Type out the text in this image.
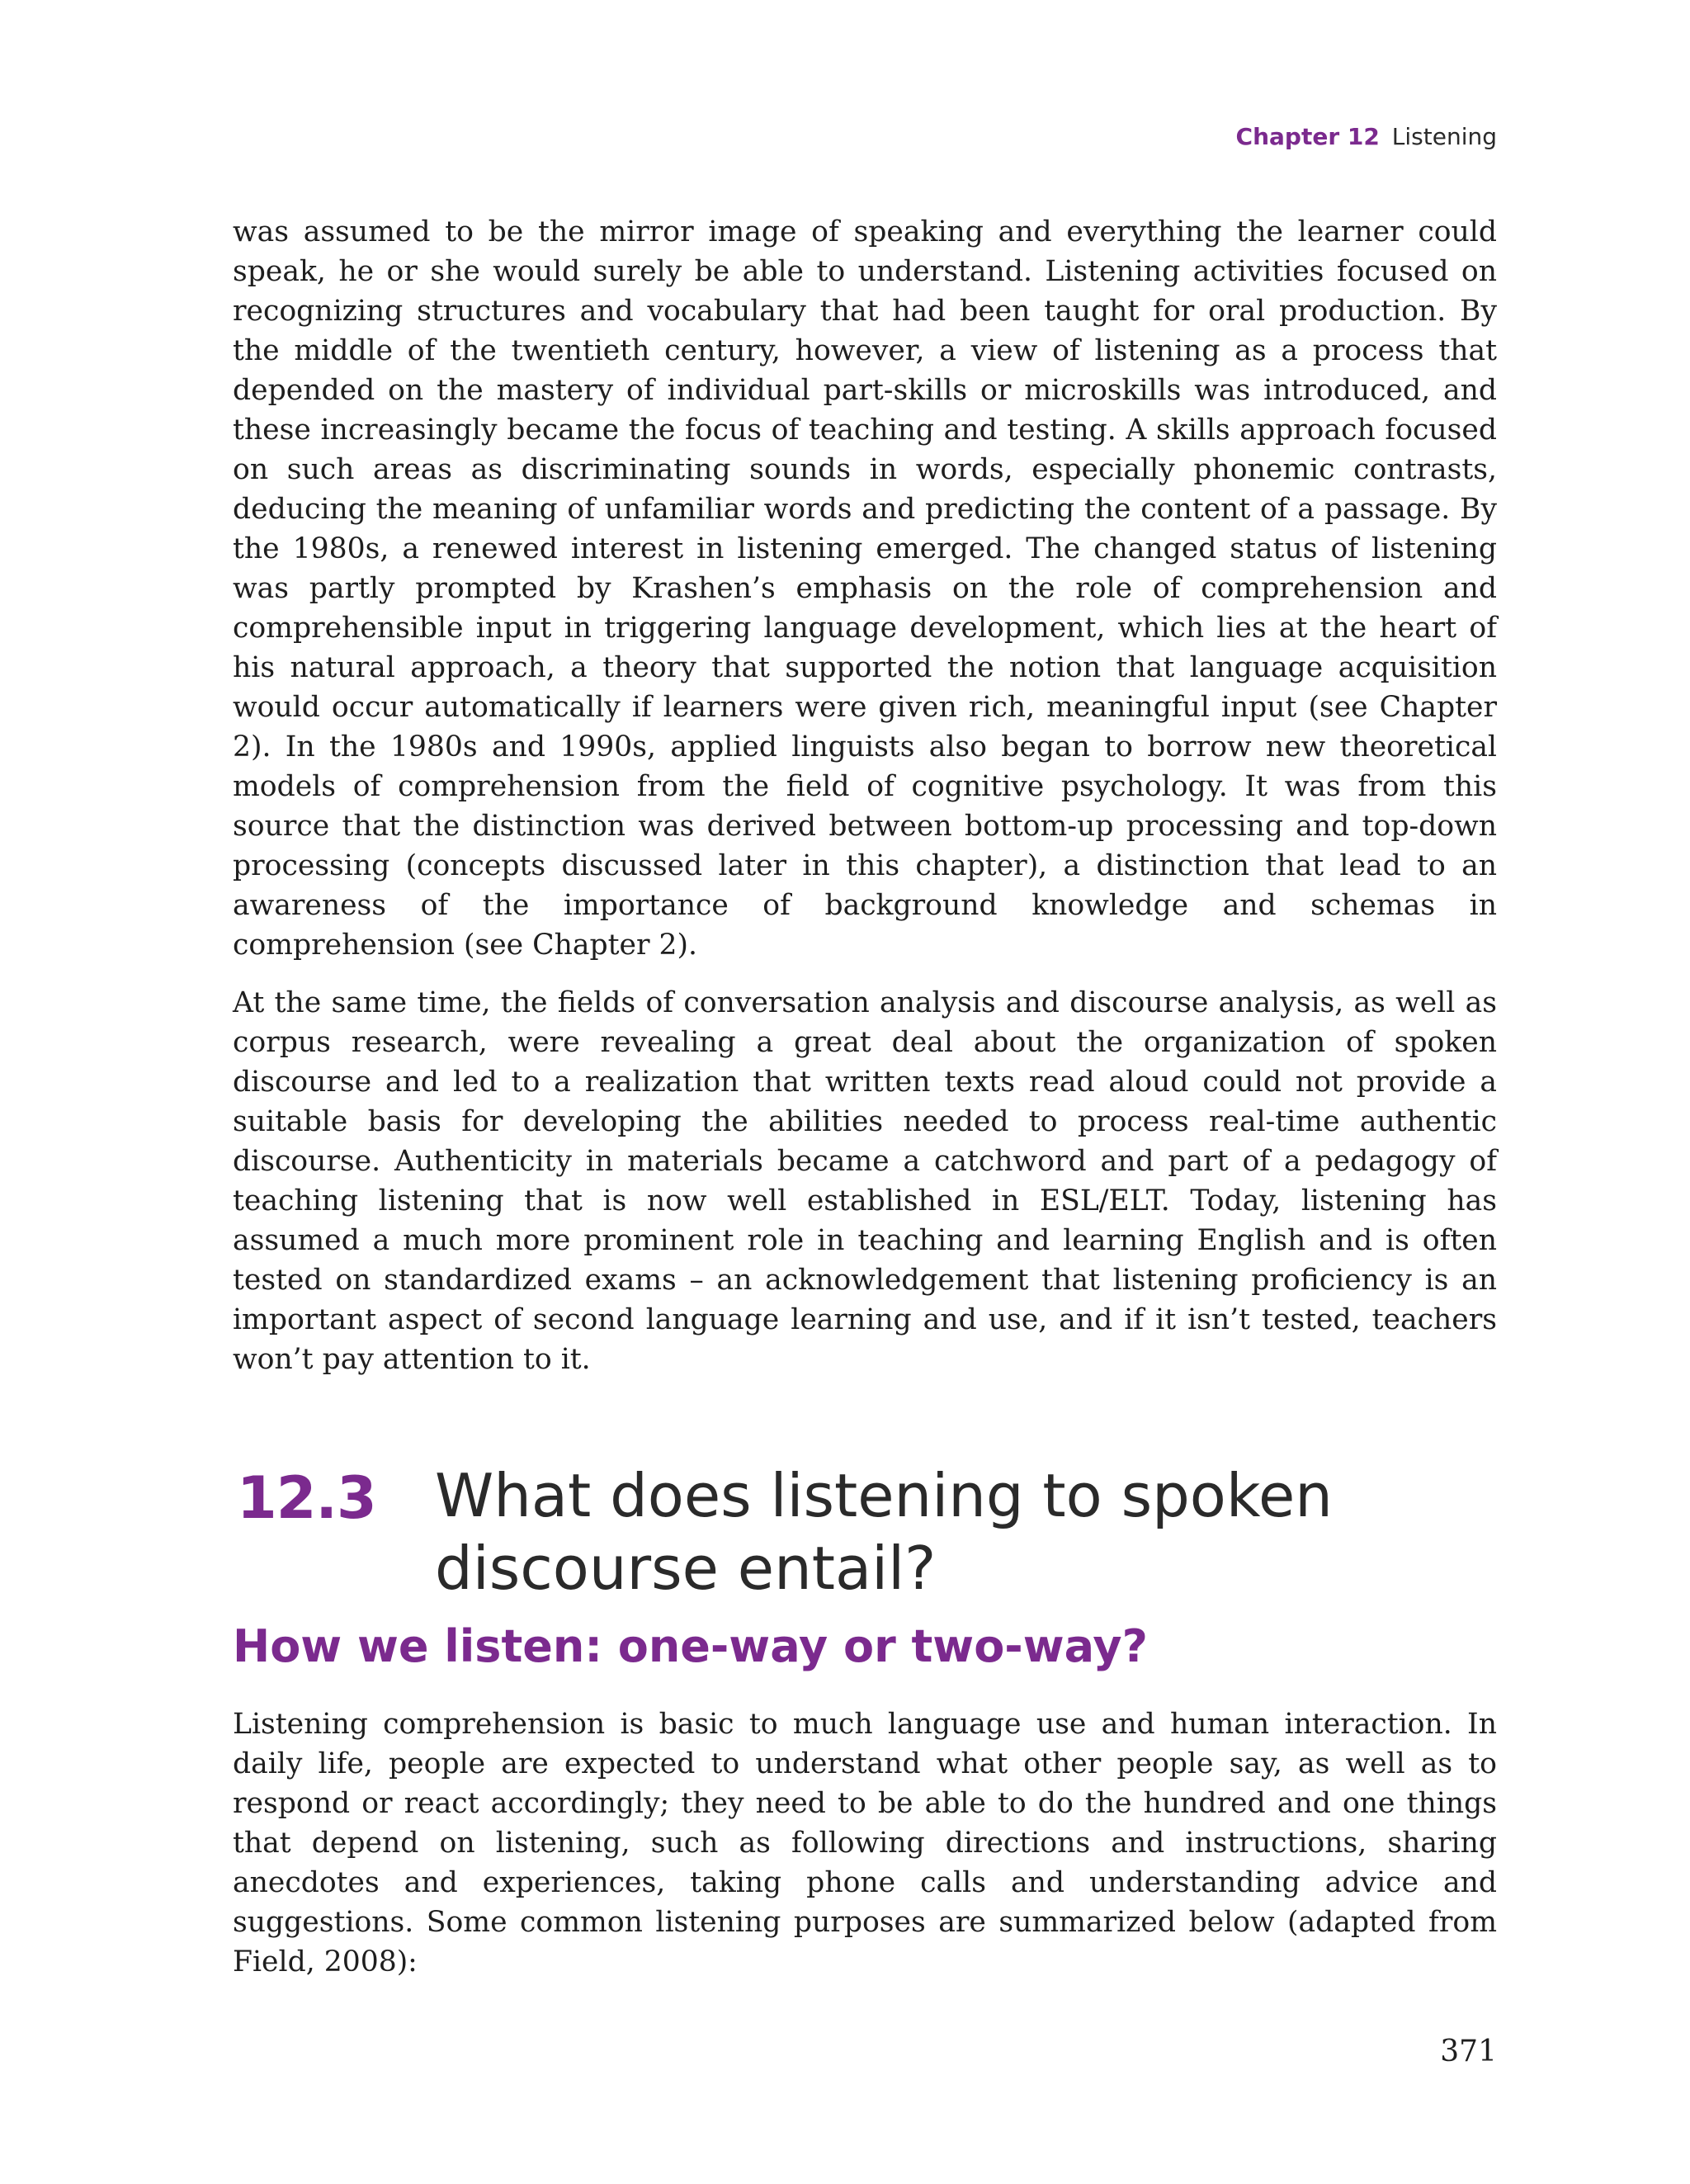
Chapter 12 Listening

was assumed to be the mirror image of speaking and everything the learner could speak, he or she would surely be able to understand. Listening activities focused on recognizing structures and vocabulary that had been taught for oral production. By the middle of the twentieth century, however, a view of listening as a process that depended on the mastery of individual part-skills or microskills was introduced, and these increasingly became the focus of teaching and testing. A skills approach focused on such areas as discriminating sounds in words, especially phonemic contrasts, deducing the meaning of unfamiliar words and predicting the content of a passage. By the 1980s, a renewed interest in listening emerged. The changed status of listening was partly prompted by Krashen’s emphasis on the role of comprehension and comprehensible input in triggering language development, which lies at the heart of his natural approach, a theory that supported the notion that language acquisition would occur automatically if learners were given rich, meaningful input (see Chapter 2). In the 1980s and 1990s, applied linguists also began to borrow new theoretical models of comprehension from the field of cognitive psychology. It was from this source that the distinction was derived between bottom-up processing and top-down processing (concepts discussed later in this chapter), a distinction that lead to an awareness of the importance of background knowledge and schemas in comprehension (see Chapter 2).

At the same time, the fields of conversation analysis and discourse analysis, as well as corpus research, were revealing a great deal about the organization of spoken discourse and led to a realization that written texts read aloud could not provide a suitable basis for developing the abilities needed to process real-time authentic discourse. Authenticity in materials became a catchword and part of a pedagogy of teaching listening that is now well established in ESL/ELT. Today, listening has assumed a much more prominent role in teaching and learning English and is often tested on standardized exams – an acknowledgement that listening proficiency is an important aspect of second language learning and use, and if it isn’t tested, teachers won’t pay attention to it.

12.3 What does listening to spoken discourse entail?
How we listen: one-way or two-way?

Listening comprehension is basic to much language use and human interaction. In daily life, people are expected to understand what other people say, as well as to respond or react accordingly; they need to be able to do the hundred and one things that depend on listening, such as following directions and instructions, sharing anecdotes and experiences, taking phone calls and understanding advice and suggestions. Some common listening purposes are summarized below (adapted from Field, 2008):

371
